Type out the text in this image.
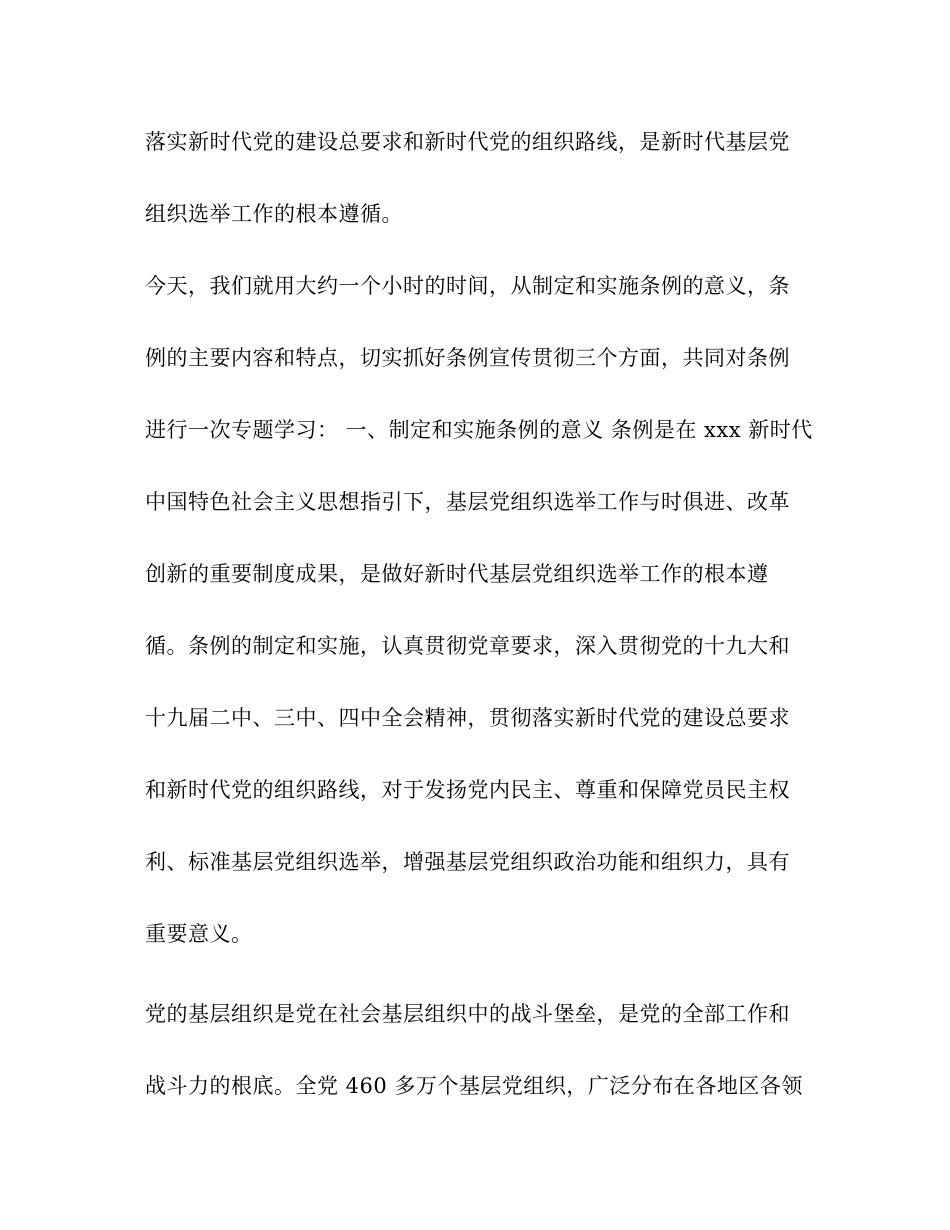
落实新时代党的建设总要求和新时代党的组织路线，是新时代基层党
组织选举工作的根本遵循。
今天，我们就用大约一个小时的时间，从制定和实施条例的意义，条
例的主要内容和特点，切实抓好条例宣传贯彻三个方面，共同对条例
进行一次专题学习： 一、制定和实施条例的意义 条例是在 xxx 新时代
中国特色社会主义思想指引下，基层党组织选举工作与时俱进、改革
创新的重要制度成果，是做好新时代基层党组织选举工作的根本遵
循。条例的制定和实施，认真贯彻党章要求，深入贯彻党的十九大和
十九届二中、三中、四中全会精神，贯彻落实新时代党的建设总要求
和新时代党的组织路线，对于发扬党内民主、尊重和保障党员民主权
利、标准基层党组织选举，增强基层党组织政治功能和组织力，具有
重要意义。
党的基层组织是党在社会基层组织中的战斗堡垒，是党的全部工作和
战斗力的根底。全党 460 多万个基层党组织，广泛分布在各地区各领
